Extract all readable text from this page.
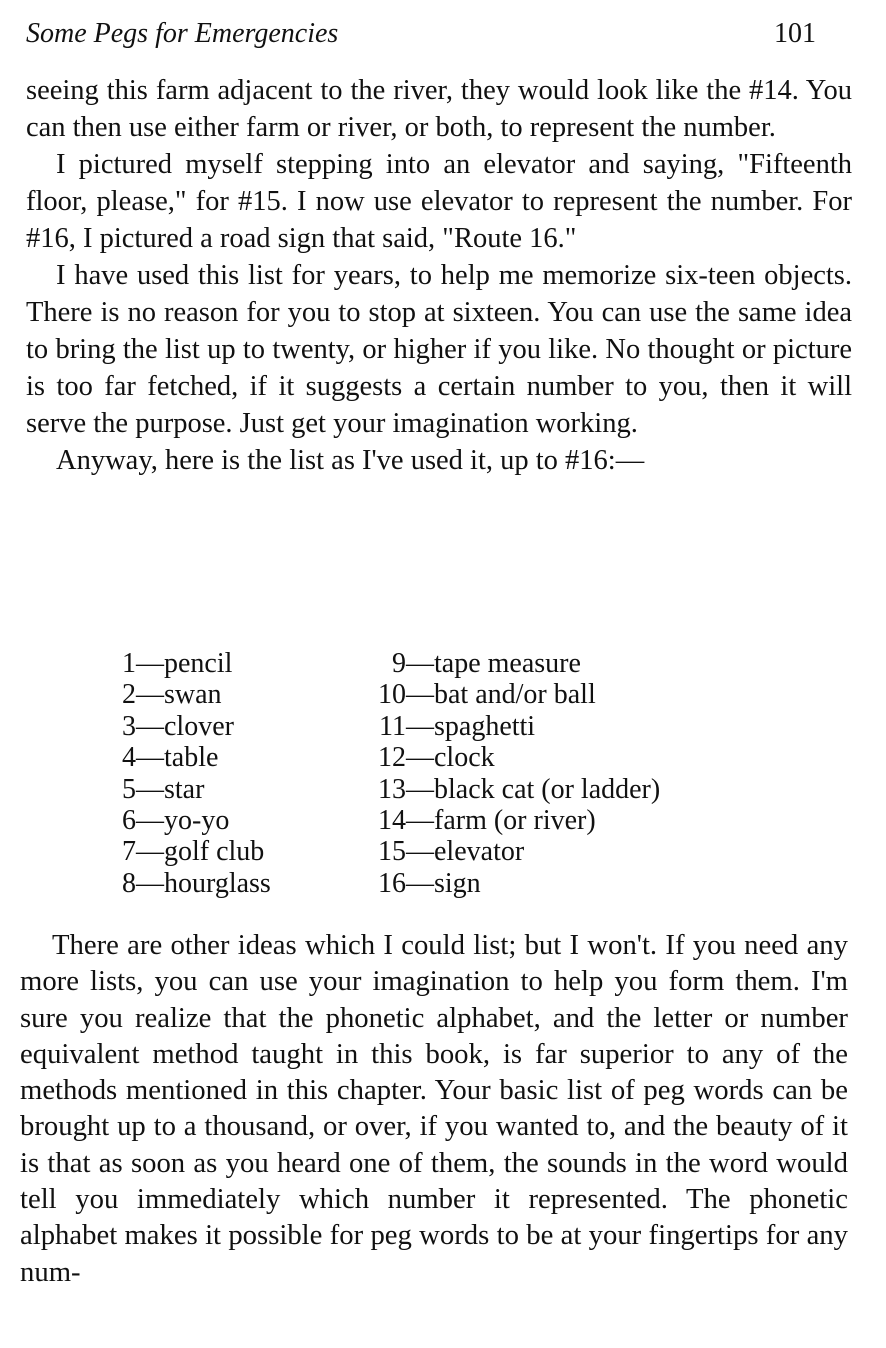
Some Pegs for Emergencies	101

seeing this farm adjacent to the river, they would look like the #14. You can then use either farm or river, or both, to represent the number.

I pictured myself stepping into an elevator and saying, "Fifteenth floor, please," for #15. I now use elevator to represent the number. For #16, I pictured a road sign that said, "Route 16."

I have used this list for years, to help me memorize six-teen objects. There is no reason for you to stop at sixteen. You can use the same idea to bring the list up to twenty, or higher if you like. No thought or picture is too far fetched, if it suggests a certain number to you, then it will serve the purpose. Just get your imagination working.

Anyway, here is the list as I've used it, up to #16:—

1—pencil
2—swan
3—clover
4—table
5—star
6—yo-yo
7—golf club
8—hourglass
9—tape measure
10—bat and/or ball
11—spaghetti
12—clock
13—black cat (or ladder)
14—farm (or river)
15—elevator
16—sign

There are other ideas which I could list; but I won't. If you need any more lists, you can use your imagination to help you form them. I'm sure you realize that the phonetic alphabet, and the letter or number equivalent method taught in this book, is far superior to any of the methods mentioned in this chapter. Your basic list of peg words can be brought up to a thousand, or over, if you wanted to, and the beauty of it is that as soon as you heard one of them, the sounds in the word would tell you immediately which number it represented. The phonetic alphabet makes it possible for peg words to be at your fingertips for any num-
